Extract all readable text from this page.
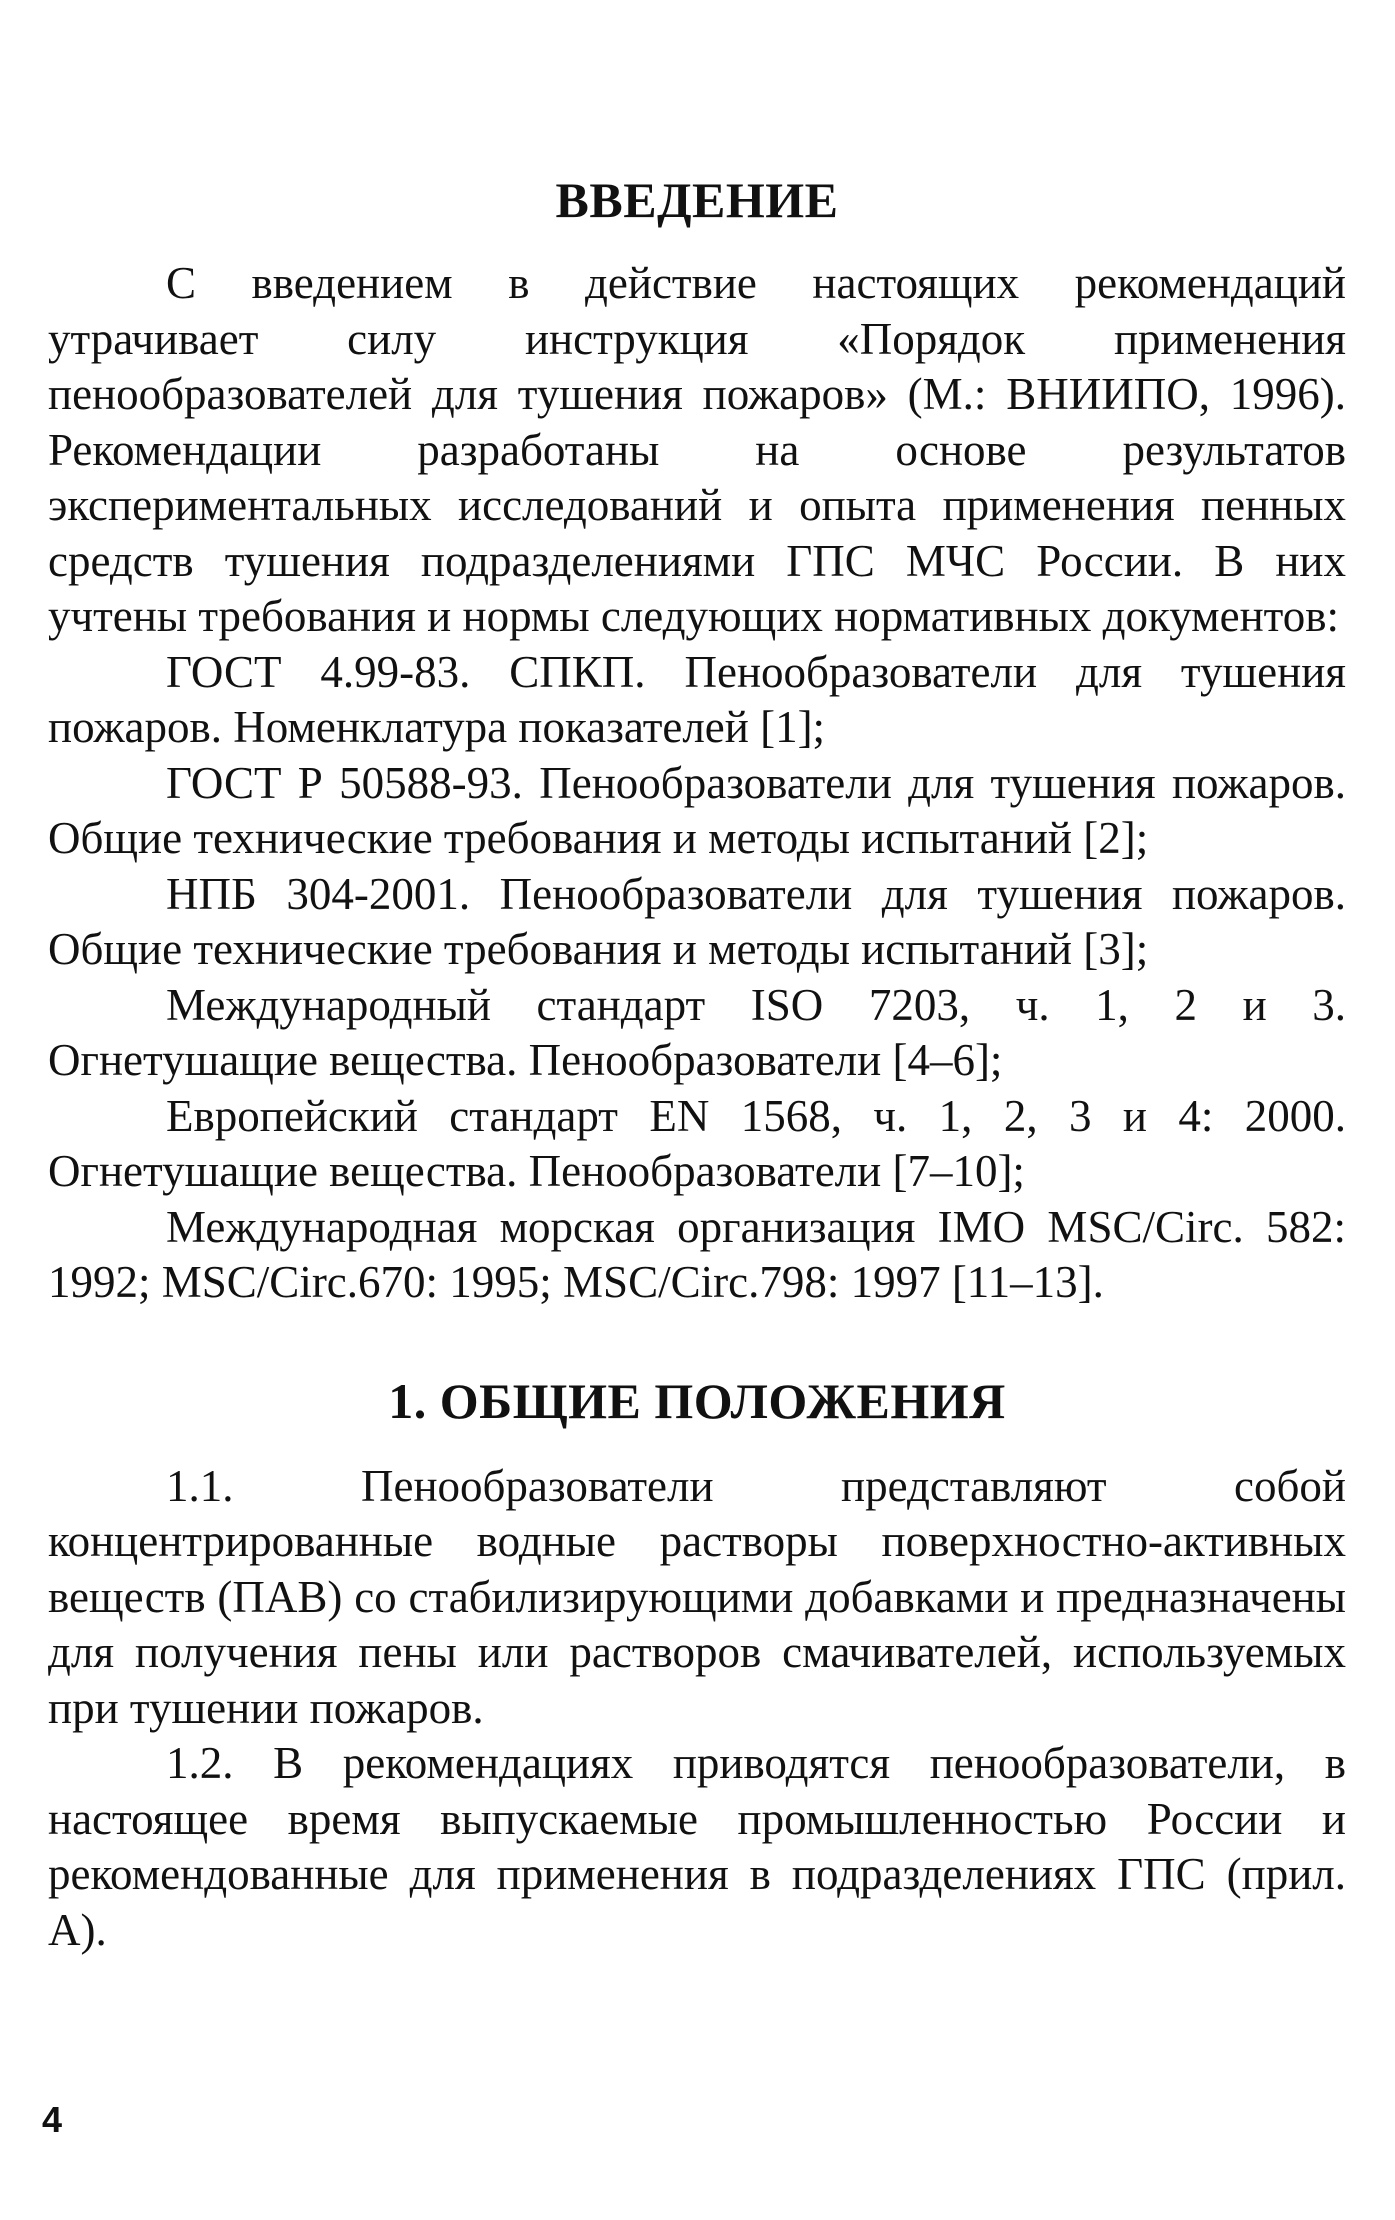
ВВЕДЕНИЕ

С введением в действие настоящих рекомендаций утрачивает силу инструкция «Порядок применения пенообразователей для тушения пожаров» (М.: ВНИИПО, 1996). Рекомендации разработаны на основе результатов экспериментальных исследований и опыта применения пенных средств тушения подразделениями ГПС МЧС России. В них учтены требования и нормы следующих нормативных документов:

ГОСТ 4.99-83. СПКП. Пенообразователи для тушения пожаров. Номенклатура показателей [1];

ГОСТ Р 50588-93. Пенообразователи для тушения пожаров. Общие технические требования и методы испытаний [2];

НПБ 304-2001. Пенообразователи для тушения пожаров. Общие технические требования и методы испытаний [3];

Международный стандарт ISO 7203, ч. 1, 2 и 3. Огнетушащие вещества. Пенообразователи [4–6];

Европейский стандарт EN 1568, ч. 1, 2, 3 и 4: 2000. Огнетушащие вещества. Пенообразователи [7–10];

Международная морская организация IMO MSC/Circ. 582: 1992; MSC/Circ.670: 1995; MSC/Circ.798: 1997 [11–13].

1. ОБЩИЕ ПОЛОЖЕНИЯ

1.1. Пенообразователи представляют собой концентрированные водные растворы поверхностно-активных веществ (ПАВ) со стабилизирующими добавками и предназначены для получения пены или растворов смачивателей, используемых при тушении пожаров.

1.2. В рекомендациях приводятся пенообразователи, в настоящее время выпускаемые промышленностью России и рекомендованные для применения в подразделениях ГПС (прил. А).

4
